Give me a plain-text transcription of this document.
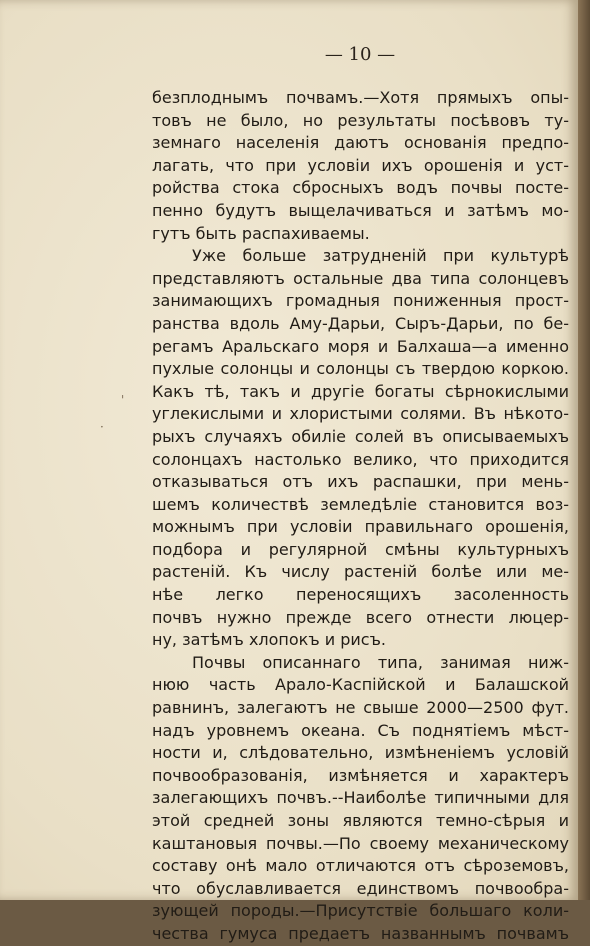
— 10 —

безплоднымъ почвамъ.—Хотя прямыхъ опы-

товъ не было, но результаты посѣвовъ ту-

земнаго населенія даютъ основанія предпо-

лагать, что при условіи ихъ орошенія и уст-

ройства стока сбросныхъ водъ почвы посте-

пенно будутъ выщелачиваться и затѣмъ мо-

гутъ быть распахиваемы.

Уже больше затрудненій при культурѣ

представляютъ остальные два типа солонцевъ

занимающихъ громадныя пониженныя прост-

ранства вдоль Аму-Дарьи, Сыръ-Дарьи, по бе-

регамъ Аральскаго моря и Балхаша—а именно

пухлые солонцы и солонцы съ твердою коркою.

Какъ тѣ, такъ и другіе богаты сѣрнокислыми

углекислыми и хлористыми солями. Въ нѣкото-

рыхъ случаяхъ обиліе солей въ описываемыхъ

солонцахъ настолько велико, что приходится

отказываться отъ ихъ распашки, при мень-

шемъ количествѣ земледѣліе становится воз-

можнымъ при условіи правильнаго орошенія,

подбора и регулярной смѣны культурныхъ

растеній. Къ числу растеній болѣе или ме-

нѣе легко переносящихъ засоленность

почвъ нужно прежде всего отнести люцер-

ну, затѣмъ хлопокъ и рисъ.

Почвы описаннаго типа, занимая ниж-

нюю часть Арало-Каспійской и Балашской

равнинъ, залегаютъ не свыше 2000—2500 фут.

надъ уровнемъ океана. Съ поднятіемъ мѣст-

ности и, слѣдовательно, измѣненіемъ условій

почвообразованія, измѣняется и характеръ

залегающихъ почвъ.--Наиболѣе типичными для

этой средней зоны являются темно-сѣрыя и

каштановыя почвы.—По своему механическому

составу онѣ мало отличаются отъ сѣроземовъ,

что обуславливается единствомъ почвообра-

зующей породы.—Присутствіе большаго коли-

чества гумуса предаетъ названнымъ почвамъ

'
·
